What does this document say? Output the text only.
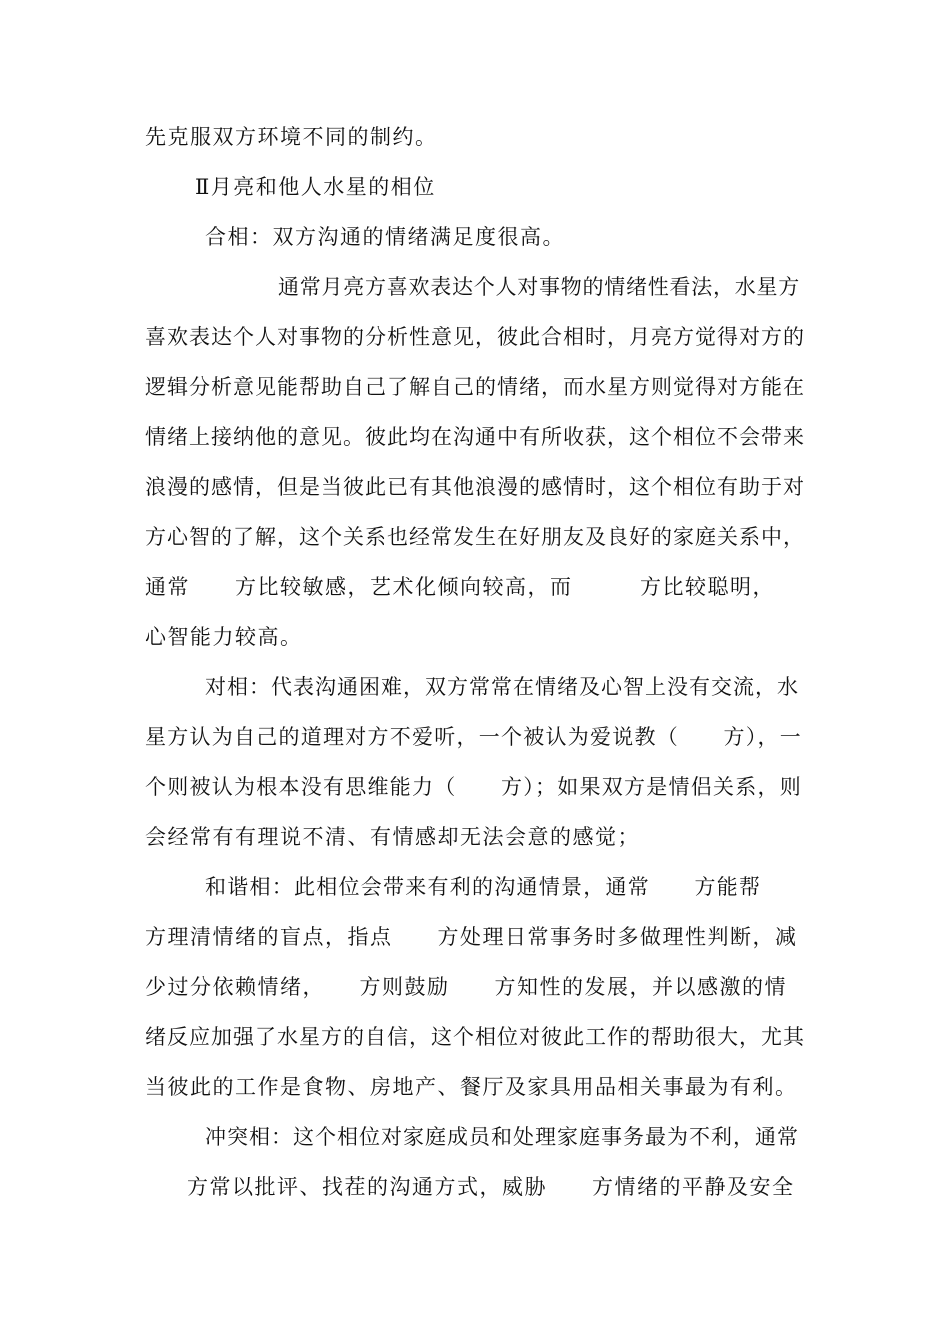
先克服双方环境不同的制约。
Ⅱ月亮和他人水星的相位
合相：双方沟通的情绪满足度很高。
通常月亮方喜欢表达个人对事物的情绪性看法，水星方
喜欢表达个人对事物的分析性意见，彼此合相时，月亮方觉得对方的
逻辑分析意见能帮助自己了解自己的情绪，而水星方则觉得对方能在
情绪上接纳他的意见。彼此均在沟通中有所收获，这个相位不会带来
浪漫的感情，但是当彼此已有其他浪漫的感情时，这个相位有助于对
方心智的了解，这个关系也经常发生在好朋友及良好的家庭关系中，
通常　　方比较敏感，艺术化倾向较高，而　　　方比较聪明，
心智能力较高。
对相：代表沟通困难，双方常常在情绪及心智上没有交流，水
星方认为自己的道理对方不爱听，一个被认为爱说教（　　方），一
个则被认为根本没有思维能力（　　方）；如果双方是情侣关系，则
会经常有有理说不清、有情感却无法会意的感觉；
和谐相：此相位会带来有利的沟通情景，通常　　方能帮
方理清情绪的盲点，指点　　方处理日常事务时多做理性判断，减
少过分依赖情绪，　　方则鼓励　　方知性的发展，并以感激的情
绪反应加强了水星方的自信，这个相位对彼此工作的帮助很大，尤其
当彼此的工作是食物、房地产、餐厅及家具用品相关事最为有利。
冲突相：这个相位对家庭成员和处理家庭事务最为不利，通常
方常以批评、找茬的沟通方式，威胁　　方情绪的平静及安全
